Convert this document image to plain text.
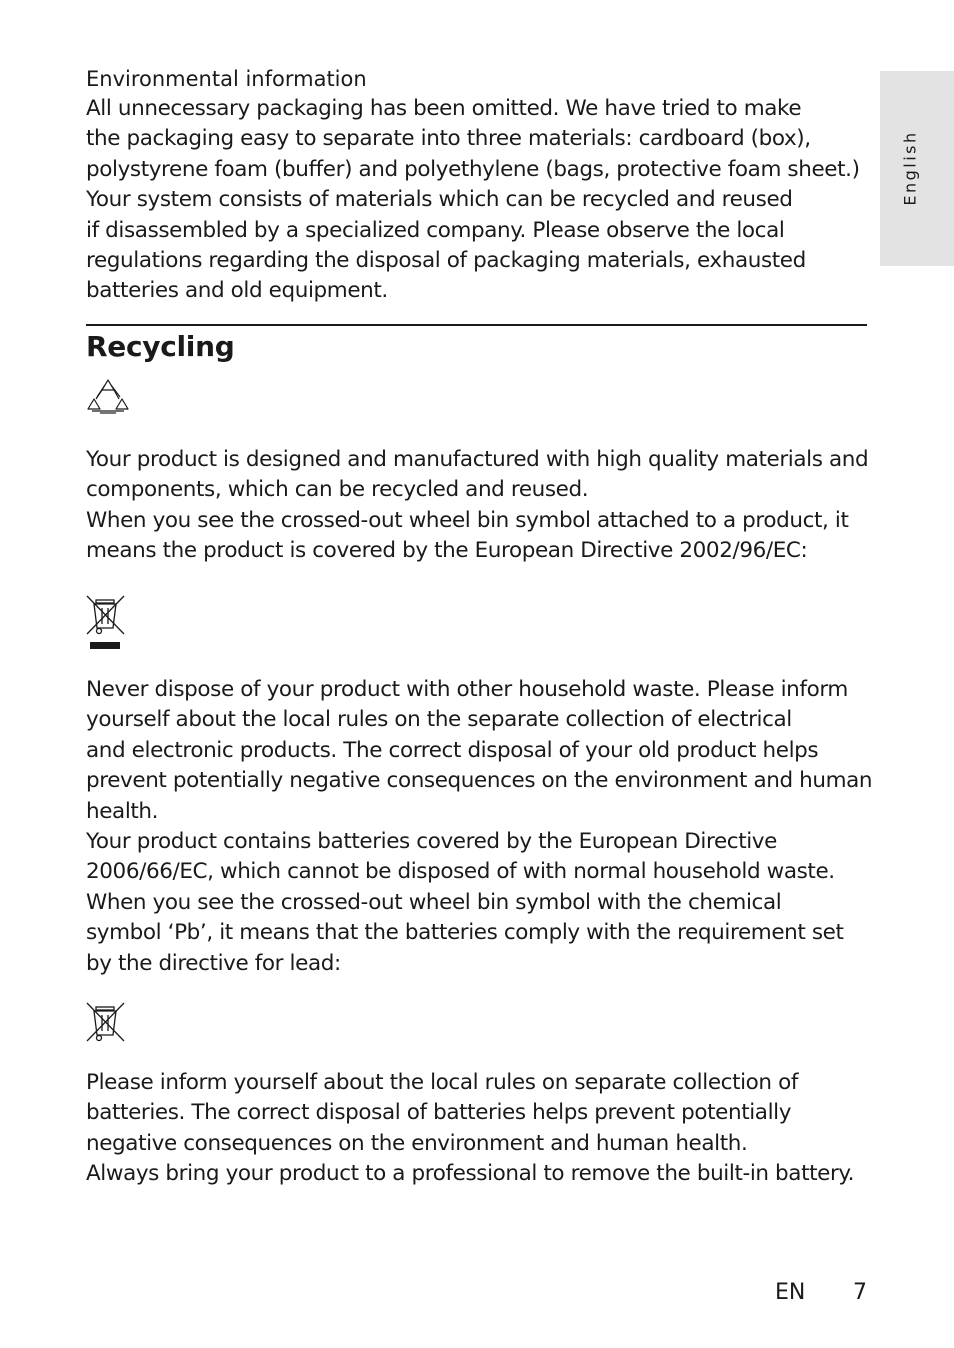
English

Environmental information

All unnecessary packaging has been omitted. We have tried to make
the packaging easy to separate into three materials: cardboard (box),
polystyrene foam (buffer) and polyethylene (bags, protective foam sheet.)
Your system consists of materials which can be recycled and reused
if disassembled by a specialized company. Please observe the local
regulations regarding the disposal of packaging materials, exhausted
batteries and old equipment.

Recycling

Your product is designed and manufactured with high quality materials and
components, which can be recycled and reused.
When you see the crossed-out wheel bin symbol attached to a product, it
means the product is covered by the European Directive 2002/96/EC:

Never dispose of your product with other household waste. Please inform
yourself about the local rules on the separate collection of electrical
and electronic products. The correct disposal of your old product helps
prevent potentially negative consequences on the environment and human
health.
Your product contains batteries covered by the European Directive
2006/66/EC, which cannot be disposed of with normal household waste.
When you see the crossed-out wheel bin symbol with the chemical
symbol ‘Pb’, it means that the batteries comply with the requirement set
by the directive for lead:

Please inform yourself about the local rules on separate collection of
batteries. The correct disposal of batteries helps prevent potentially
negative consequences on the environment and human health.
Always bring your product to a professional to remove the built-in battery.

EN 7
